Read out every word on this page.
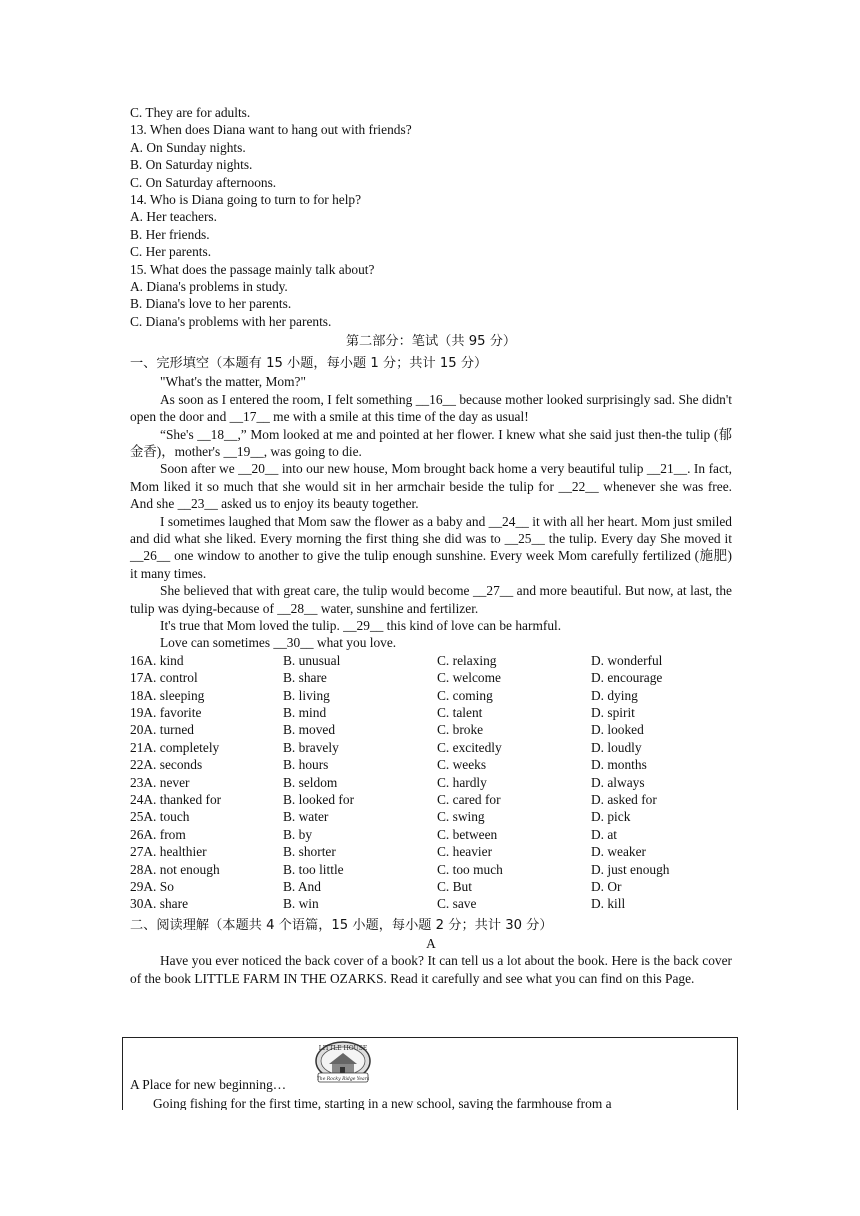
C. They are for adults.
13. When does Diana want to hang out with friends?
A. On Sunday nights.
B. On Saturday nights.
C. On Saturday afternoons.
14. Who is Diana going to turn to for help?
A. Her teachers.
B. Her friends.
C. Her parents.
15. What does the passage mainly talk about?
A. Diana's problems in study.
B. Diana's love to her parents.
C. Diana's problems with her parents.
第二部分：笔试（共 95 分）
一、完形填空（本题有 15 小题，每小题 1 分；共计 15 分）

"What's the matter, Mom?"

As soon as I entered the room, I felt something __16__ because mother looked surprisingly sad. She didn't open the door and __17__ me with a smile at this time of the day as usual!

“She's __18__,” Mom looked at me and pointed at her flower. I knew what she said just then-the tulip (郁金香)，mother's __19__, was going to die.

Soon after we __20__ into our new house, Mom brought back home a very beautiful tulip __21__. In fact, Mom liked it so much that she would sit in her armchair beside the tulip for __22__ whenever she was free. And she __23__ asked us to enjoy its beauty together.

I sometimes laughed that Mom saw the flower as a baby and __24__ it with all her heart. Mom just smiled and did what she liked. Every morning the first thing she did was to __25__ the tulip. Every day She moved it __26__ one window to another to give the tulip enough sunshine. Every week Mom carefully fertilized (施肥) it many times.

She believed that with great care, the tulip would become __27__ and more beautiful. But now, at last, the tulip was dying-because of __28__ water, sunshine and fertilizer.

It's true that Mom loved the tulip. __29__ this kind of love can be harmful.

Love can sometimes __30__ what you love.

16A. kind	B. unusual	C. relaxing	D. wonderful
17A. control	B. share	C. welcome	D. encourage
18A. sleeping	B. living	C. coming	D. dying
19A. favorite	B. mind	C. talent	D. spirit
20A. turned	B. moved	C. broke	D. looked
21A. completely	B. bravely	C. excitedly	D. loudly
22A. seconds	B. hours	C. weeks	D. months
23A. never	B. seldom	C. hardly	D. always
24A. thanked for	B. looked for	C. cared for	D. asked for
25A. touch	B. water	C. swing	D. pick
26A. from	B. by	C. between	D. at
27A. healthier	B. shorter	C. heavier	D. weaker
28A. not enough	B. too little	C. too much	D. just enough
29A. So	B. And	C. But	D. Or
30A. share	B. win	C. save	D. kill
二、阅读理解（本题共 4 个语篇，15 小题，每小题 2 分；共计 30 分）
A

Have you ever noticed the back cover of a book? It can tell us a lot about the book. Here is the back cover of the book LITTLE FARM IN THE OZARKS. Read it carefully and see what you can find on this Page.

LITTLE HOUSE
The Rocky Ridge Years
A Place for new beginning…
Going fishing for the first time, starting in a new school, saving the farmhouse from a
